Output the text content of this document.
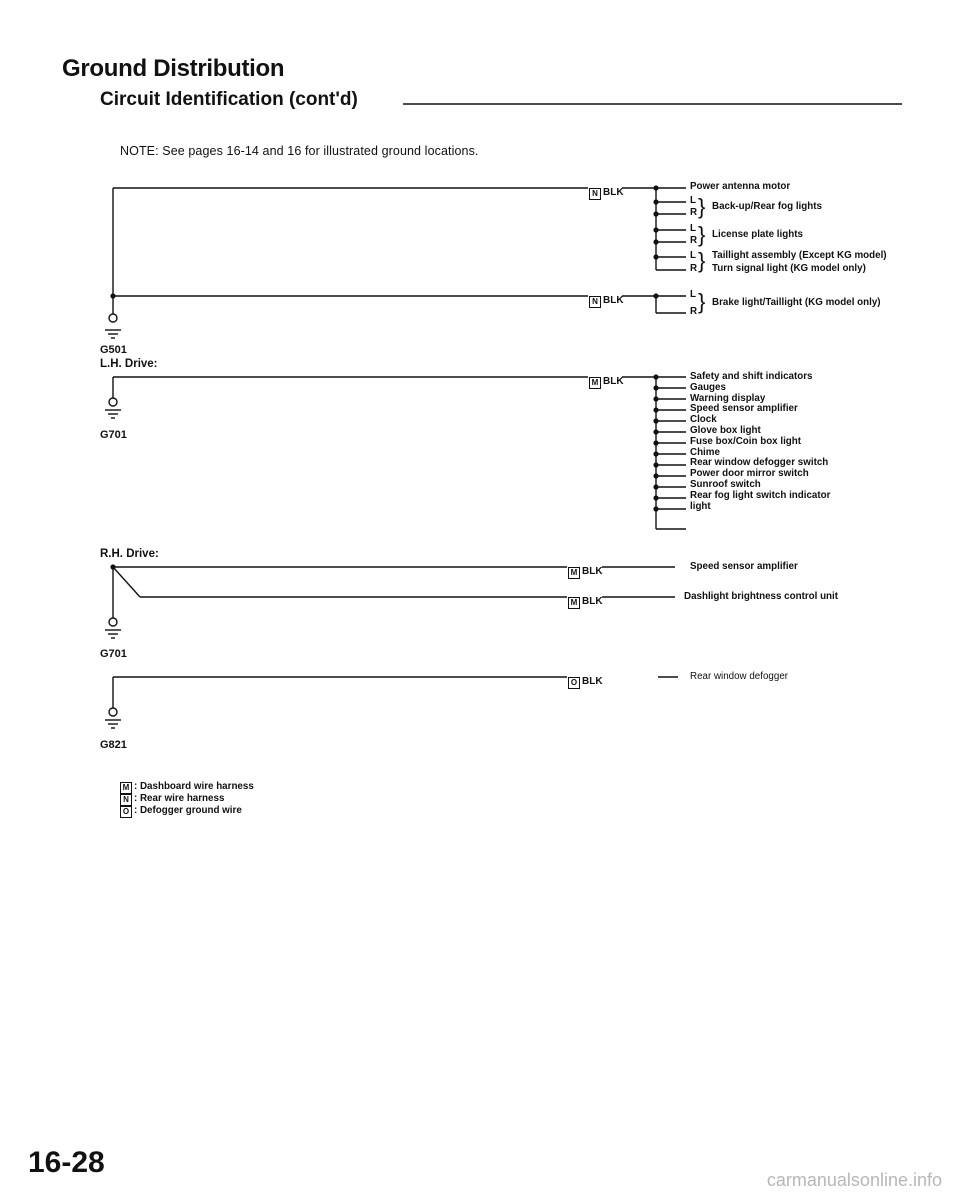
Ground Distribution
Circuit Identification (cont'd)

NOTE: See pages 16-14 and 16 for illustrated ground locations.

N BLK
N BLK
M BLK
M BLK
M BLK
O BLK
Power antenna motor
L
R } Back-up/Rear fog lights
L
R } License plate lights
L
R } Taillight assembly (Except KG model)
Turn signal light (KG model only)
L
R } Brake light/Taillight (KG model only)
G501
L.H. Drive:
G701
R.H. Drive:
G701
G821
Safety and shift indicators
Gauges
Warning display
Speed sensor amplifier
Clock
Glove box light
Fuse box/Coin box light
Chime
Rear window defogger switch
Power door mirror switch
Sunroof switch
Rear fog light switch indicator
light
Speed sensor amplifier
Dashlight brightness control unit
Rear window defogger
M : Dashboard wire harness
N : Rear wire harness
O : Defogger ground wire
16-28
carmanualsonline.info
